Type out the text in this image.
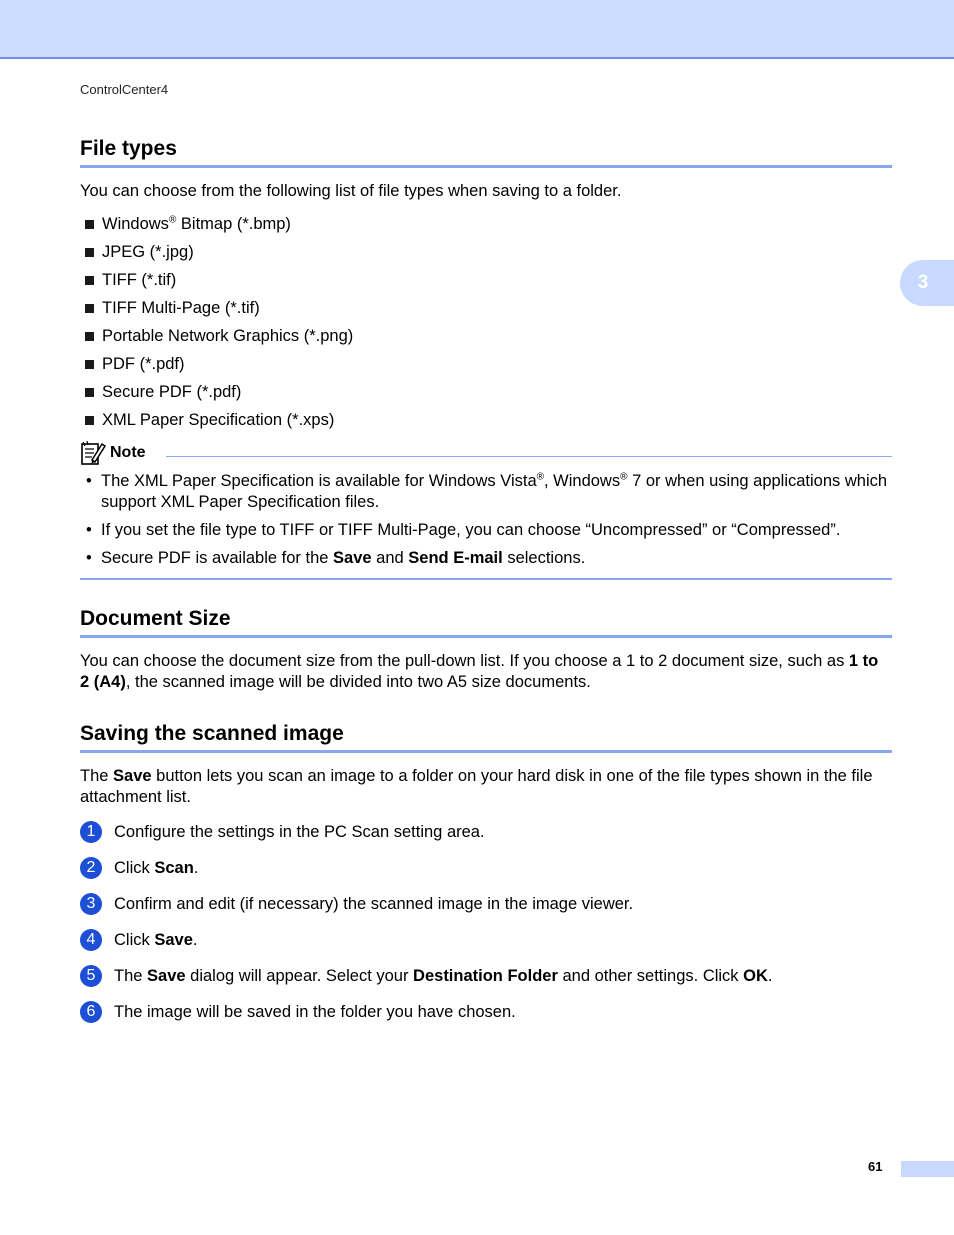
ControlCenter4
3
File types

You can choose from the following list of file types when saving to a folder.

Windows® Bitmap (*.bmp)
JPEG (*.jpg)
TIFF (*.tif)
TIFF Multi-Page (*.tif)
Portable Network Graphics (*.png)
PDF (*.pdf)
Secure PDF (*.pdf)
XML Paper Specification (*.xps)
Note
• The XML Paper Specification is available for Windows Vista®, Windows® 7 or when using applications which support XML Paper Specification files.
• If you set the file type to TIFF or TIFF Multi-Page, you can choose “Uncompressed” or “Compressed”.
• Secure PDF is available for the Save and Send E-mail selections.
Document Size

You can choose the document size from the pull-down list. If you choose a 1 to 2 document size, such as 1 to 2 (A4), the scanned image will be divided into two A5 size documents.

Saving the scanned image

The Save button lets you scan an image to a folder on your hard disk in one of the file types shown in the file attachment list.

1	Configure the settings in the PC Scan setting area.
2	Click Scan.
3	Confirm and edit (if necessary) the scanned image in the image viewer.
4	Click Save.
5	The Save dialog will appear. Select your Destination Folder and other settings. Click OK.
6	The image will be saved in the folder you have chosen.
61
